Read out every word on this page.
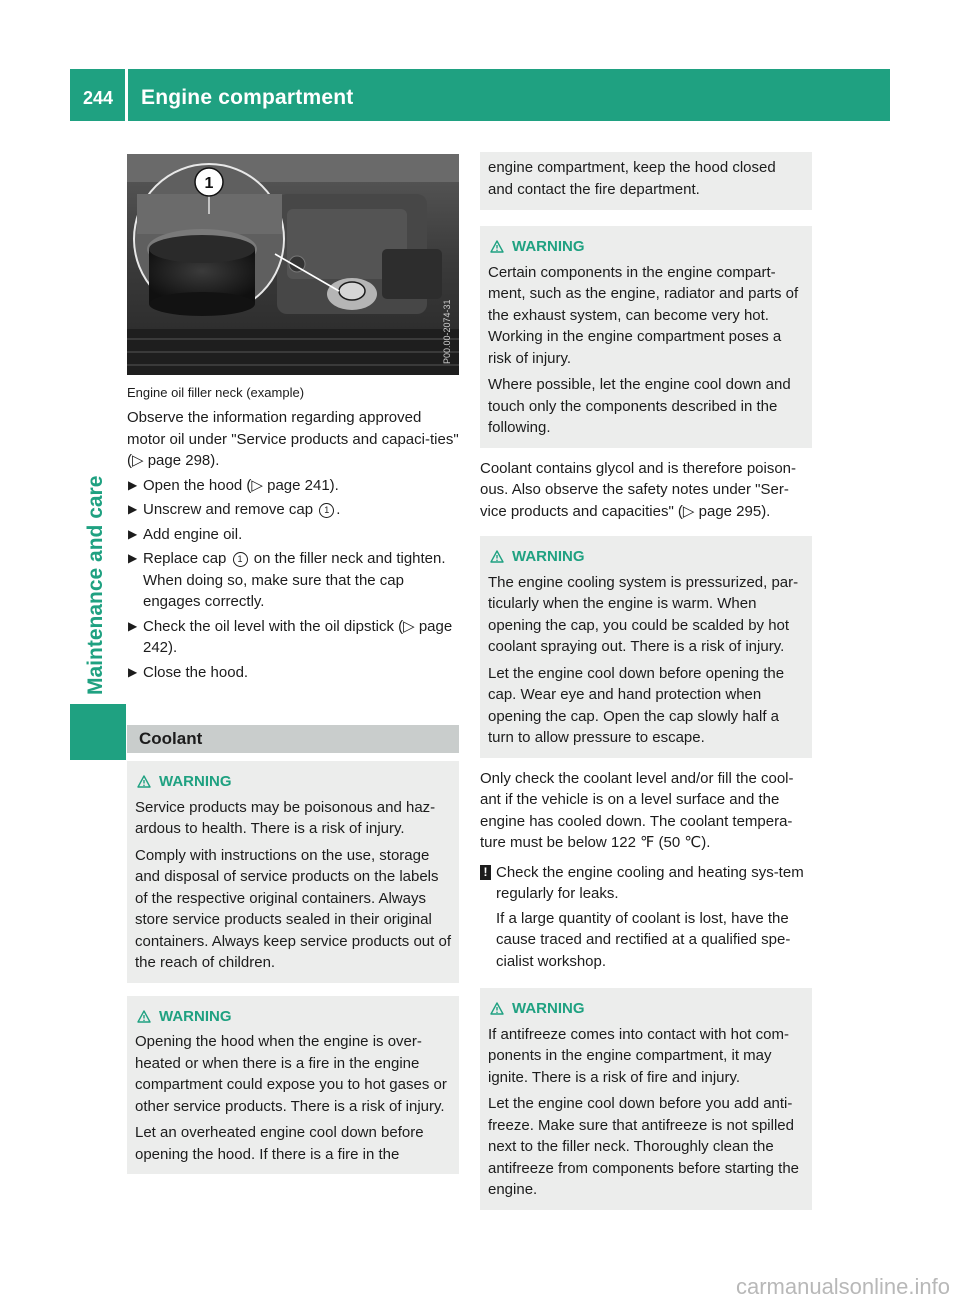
244 Engine compartment
Maintenance and care
1
P00.00-2074-31
Engine oil filler neck (example)

Observe the information regarding approved motor oil under "Service products and capaci-ties" (▷ page 298).

▶ Open the hood (▷ page 241).
▶ Unscrew and remove cap 1 .
▶ Add engine oil.
▶ Replace cap 1 on the filler neck and tighten. When doing so, make sure that the cap engages correctly.
▶ Check the oil level with the oil dipstick (▷ page 242).
▶ Close the hood.
Coolant
WARNING

Service products may be poisonous and haz-ardous to health. There is a risk of injury.

Comply with instructions on the use, storage and disposal of service products on the labels of the respective original containers. Always store service products sealed in their original containers. Always keep service products out of the reach of children.

WARNING

Opening the hood when the engine is over-heated or when there is a fire in the engine compartment could expose you to hot gases or other service products. There is a risk of injury.

Let an overheated engine cool down before opening the hood. If there is a fire in the

engine compartment, keep the hood closed and contact the fire department.

WARNING

Certain components in the engine compart-ment, such as the engine, radiator and parts of the exhaust system, can become very hot. Working in the engine compartment poses a risk of injury.

Where possible, let the engine cool down and touch only the components described in the following.

Coolant contains glycol and is therefore poison-ous. Also observe the safety notes under "Ser-vice products and capacities" (▷ page 295).

WARNING

The engine cooling system is pressurized, par-ticularly when the engine is warm. When opening the cap, you could be scalded by hot coolant spraying out. There is a risk of injury.

Let the engine cool down before opening the cap. Wear eye and hand protection when opening the cap. Open the cap slowly half a turn to allow pressure to escape.

Only check the coolant level and/or fill the cool-ant if the vehicle is on a level surface and the engine has cooled down. The coolant tempera-ture must be below 122 ℉ (50 ℃).

! Check the engine cooling and heating sys-tem regularly for leaks.

If a large quantity of coolant is lost, have the cause traced and rectified at a qualified spe-cialist workshop.

WARNING

If antifreeze comes into contact with hot com-ponents in the engine compartment, it may ignite. There is a risk of fire and injury.

Let the engine cool down before you add anti-freeze. Make sure that antifreeze is not spilled next to the filler neck. Thoroughly clean the antifreeze from components before starting the engine.

carmanualsonline.info
